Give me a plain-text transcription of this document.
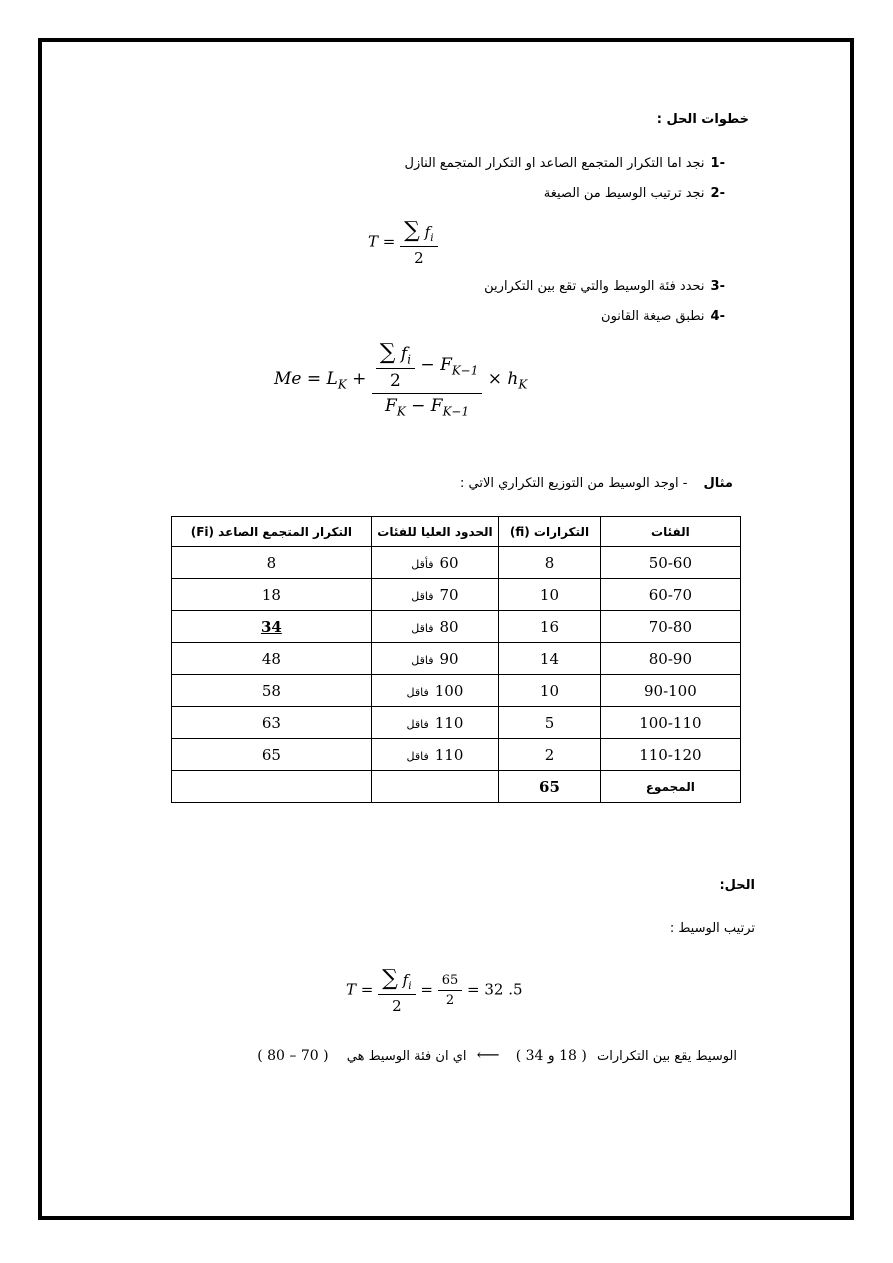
خطوات الحل :
-1نجد اما التكرار المتجمع الصاعد او التكرار المتجمع النازل
-2نجد ترتيب الوسيط من الصيغة
$T = \frac{\sum f_i}{2}$
-3نحدد فئة الوسيط والتي تقع بين التكرارين
-4نطبق صيغة القانون
$Me = L_K + \frac{\frac{\sum f_i}{2} - F_{K-1}}{F_K - F_{K-1}} \times h_K$
مثال- اوجد الوسيط من التوزيع التكراري الاتي :
الفئات	التكرارات (fi)	الحدود العليا للفئات	التكرار المتجمع الصاعد (Fi)
50-60	8	60فأقل	8
60-70	10	70فاقل	18
70-80	16	80فاقل	34
80-90	14	90فاقل	48
90-100	10	100فاقل	58
100-110	5	110فاقل	63
110-120	2	110فاقل	65
المجموع	65		
الحل:
ترتيب الوسيط :
$T = \frac{\sum f_i}{2} = \frac{65}{2} = 32$ .5
الوسيط يقع بين التكرارات ( 18 و 34 ) ⟵ اي ان فئة الوسيط هي ( 70 – 80 )
